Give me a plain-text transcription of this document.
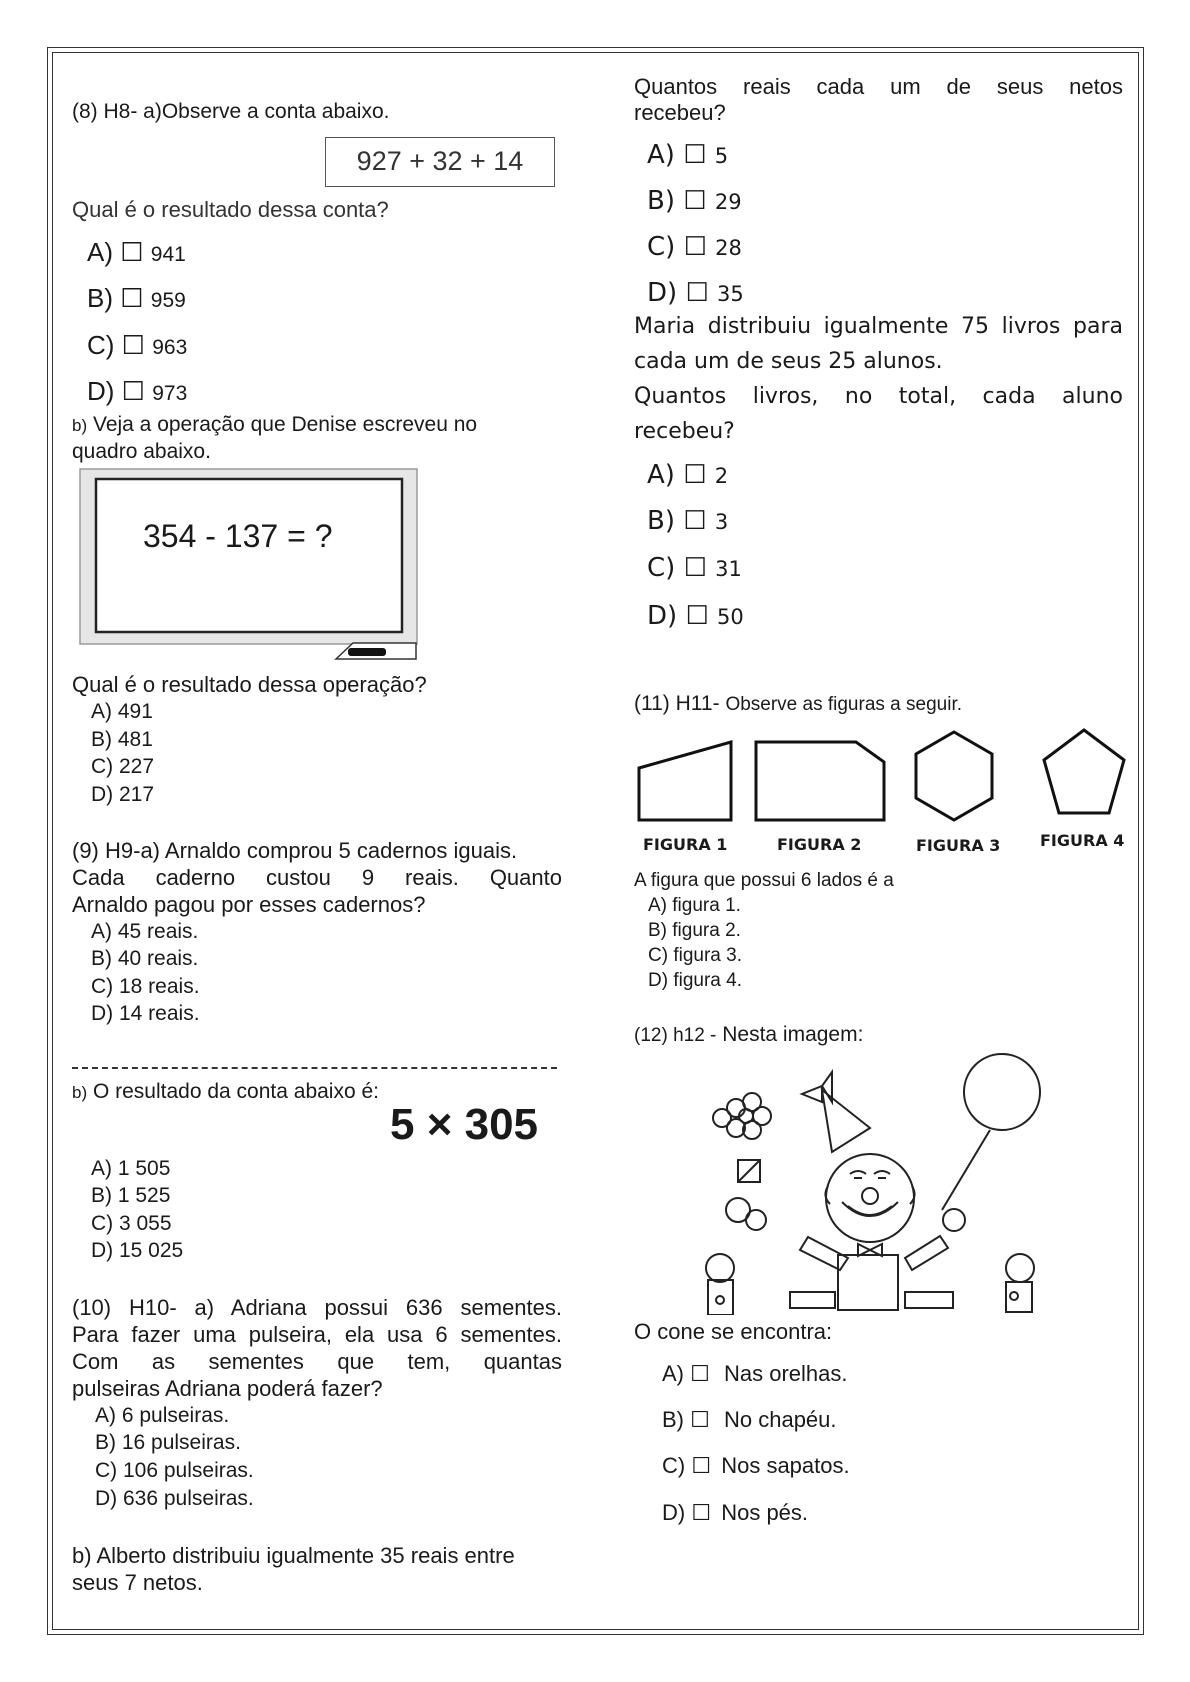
(8) H8- a)Observe a conta abaixo.
927 + 32 + 14
Qual é o resultado dessa conta?
A) ☐ 941
B) ☐ 959
C) ☐ 963
D) ☐ 973
b) Veja a operação que Denise escreveu no
quadro abaixo.
354 - 137 = ?
Qual é o resultado dessa operação?
A) 491
B) 481
C) 227
D) 217
(9) H9-a) Arnaldo comprou 5 cadernos iguais.
Cada caderno custou 9 reais. Quanto
Arnaldo pagou por esses cadernos?
A) 45 reais.
B) 40 reais.
C) 18 reais.
D) 14 reais.
b) O resultado da conta abaixo é:
5 × 305
A) 1 505
B) 1 525
C) 3 055
D) 15 025
(10) H10- a) Adriana possui 636 sementes.
Para fazer uma pulseira, ela usa 6 sementes.
Com as sementes que tem, quantas
pulseiras Adriana poderá fazer?
A) 6 pulseiras.
B) 16 pulseiras.
C) 106 pulseiras.
D) 636 pulseiras.
b) Alberto distribuiu igualmente 35 reais entre
seus 7 netos.
Quantos reais cada um de seus netos
recebeu?
A) ☐ 5
B) ☐ 29
C) ☐ 28
D) ☐ 35
Maria distribuiu igualmente 75 livros para
cada um de seus 25 alunos.
Quantos livros, no total, cada aluno
recebeu?
A) ☐ 2
B) ☐ 3
C) ☐ 31
D) ☐ 50
(11) H11- Observe as figuras a seguir.
FIGURA 1	FIGURA 2	FIGURA 3 FIGURA 4
A figura que possui 6 lados é a
A) figura 1.
B) figura 2.
C) figura 3.
D) figura 4.
(12) h12 - Nesta imagem:
O cone se encontra:
A) ☐ Nas orelhas.
B) ☐ No chapéu.
C) ☐ Nos sapatos.
D) ☐ Nos pés.
